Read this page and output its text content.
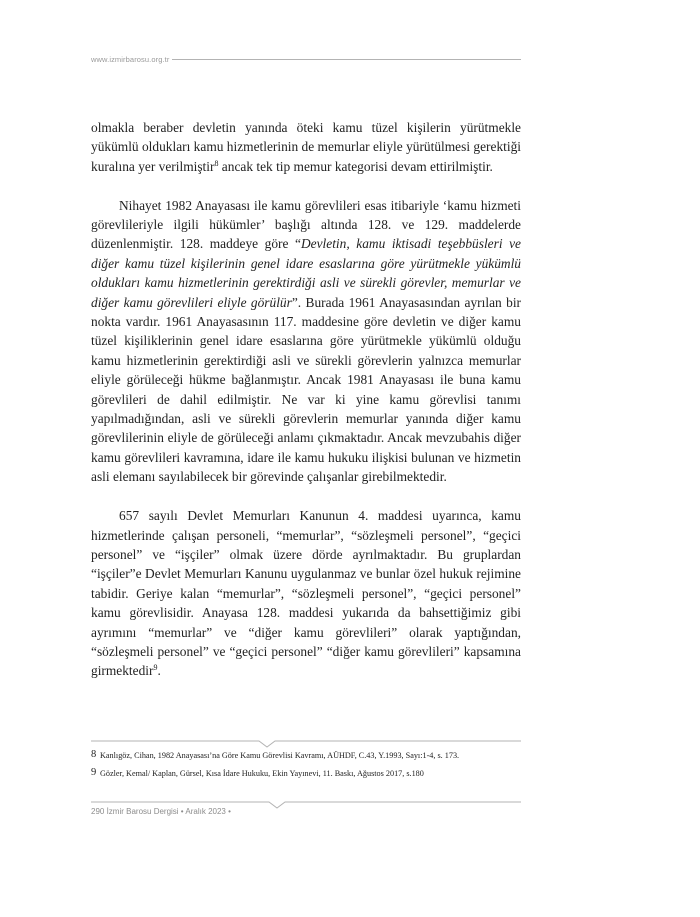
www.izmirbarosu.org.tr

olmakla beraber devletin yanında öteki kamu tüzel kişilerin yürütmekle yükümlü oldukları kamu hizmetlerinin de memurlar eliyle yürütülmesi gerektiği kuralına yer verilmiştir$^8$ ancak tek tip memur kategorisi devam ettirilmiştir.

Nihayet 1982 Anayasası ile kamu görevlileri esas itibariyle ‘kamu hizmeti görevlileriyle ilgili hükümler’ başlığı altında 128. ve 129. maddelerde düzenlenmiştir. 128. maddeye göre “Devletin, kamu iktisadi teşebbüsleri ve diğer kamu tüzel kişilerinin genel idare esaslarına göre yürütmekle yükümlü oldukları kamu hizmetlerinin gerektirdiği asli ve sürekli görevler, memurlar ve diğer kamu görevlileri eliyle görülür”. Burada 1961 Anayasasından ayrılan bir nokta vardır. 1961 Anayasasının 117. maddesine göre devletin ve diğer kamu tüzel kişiliklerinin genel idare esaslarına göre yürütmekle yükümlü olduğu kamu hizmetlerinin gerektirdiği asli ve sürekli görevlerin yalnızca memurlar eliyle görüleceği hükme bağlanmıştır. Ancak 1981 Anayasası ile buna kamu görevlileri de dahil edilmiştir. Ne var ki yine kamu görevlisi tanımı yapılmadığından, asli ve sürekli görevlerin memurlar yanında diğer kamu görevlilerinin eliyle de görüleceği anlamı çıkmaktadır. Ancak mevzubahis diğer kamu görevlileri kavramına, idare ile kamu hukuku ilişkisi bulunan ve hizmetin asli elemanı sayılabilecek bir görevinde çalışanlar girebilmektedir.

657 sayılı Devlet Memurları Kanunun 4. maddesi uyarınca, kamu hizmetlerinde çalışan personeli, “memurlar”, “sözleşmeli personel”, “geçici personel” ve “işçiler” olmak üzere dörde ayrılmaktadır. Bu gruplardan “işçiler”e Devlet Memurları Kanunu uygulanmaz ve bunlar özel hukuk rejimine tabidir. Geriye kalan “memurlar”, “sözleşmeli personel”, “geçici personel” kamu görevlisidir. Anayasa 128. maddesi yukarıda da bahsettiğimiz gibi ayrımını “memurlar” ve “diğer kamu görevlileri” olarak yaptığından, “sözleşmeli personel” ve “geçici personel” “diğer kamu görevlileri” kapsamına girmektedir$^9$.

8 Kanlıgöz, Cihan, 1982 Anayasası’na Göre Kamu Görevlisi Kavramı, AÜHDF, C.43, Y.1993, Sayı:1-4, s. 173.
9 Gözler, Kemal/ Kaplan, Gürsel, Kısa İdare Hukuku, Ekin Yayınevi, 11. Baskı, Ağustos 2017, s.180
290 İzmir Barosu Dergisi • Aralık 2023 •
